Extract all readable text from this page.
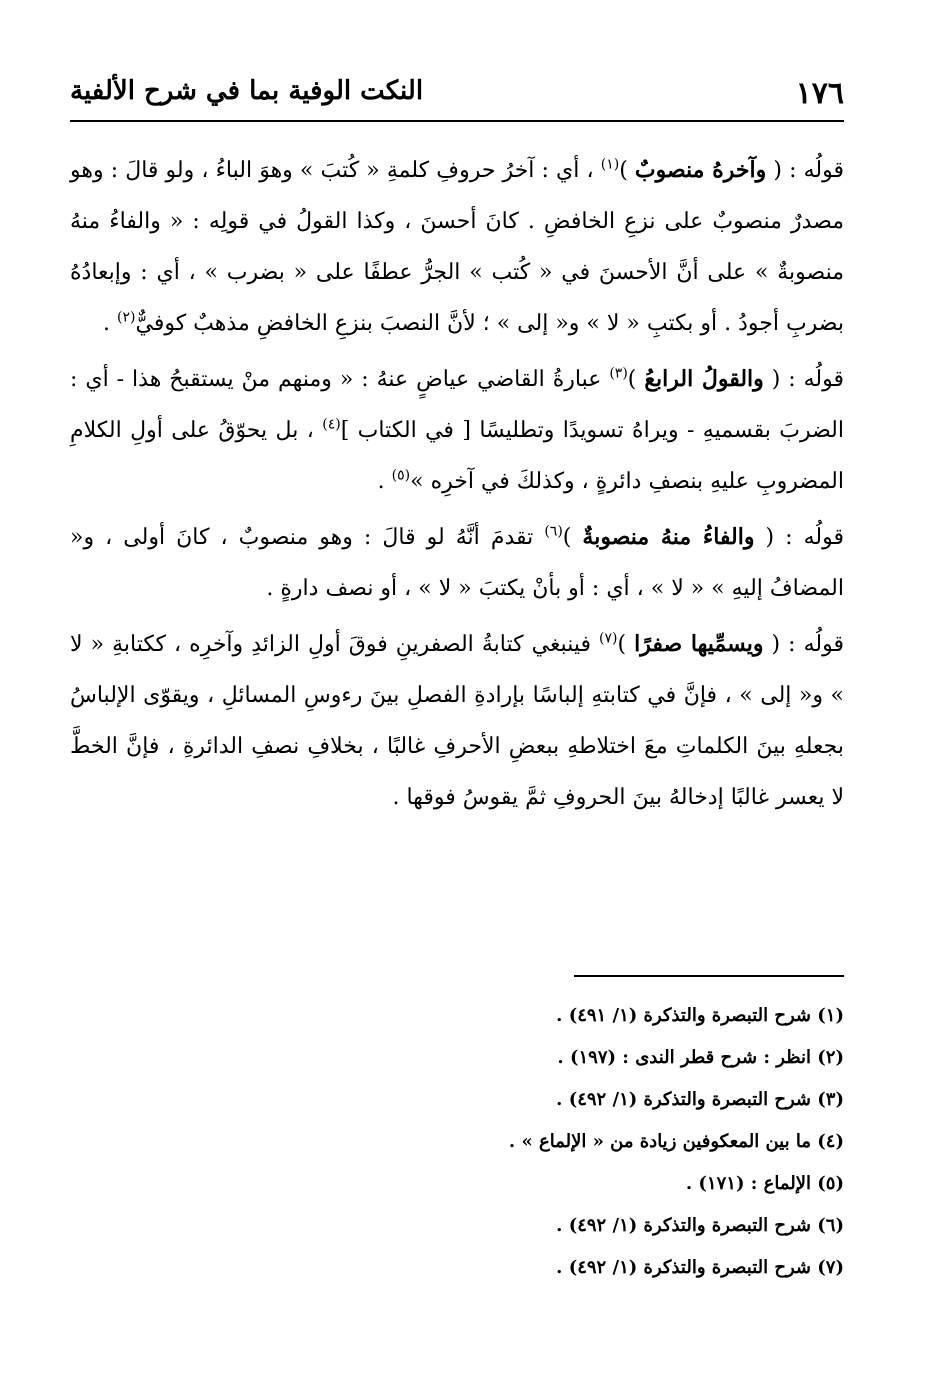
١٧٦
النكت الوفية بما في شرح الألفية

قولُه : ( وآخرهُ منصوبٌ )$^{(١)}$ ، أي : آخرُ حروفِ كلمةِ « كُتبَ » وهوَ الباءُ ، ولو قالَ : وهو مصدرٌ منصوبٌ على نزعِ الخافضِ . كانَ أحسنَ ، وكذا القولُ في قولِه : « والفاءُ منهُ منصوبةٌ » على أنَّ الأحسنَ في « كُتب » الجرُّ عطفًا على « بضرب » ، أي : وإبعادُهُ بضربِ أجودُ . أو بكتبِ « لا » و« إلى » ؛ لأنَّ النصبَ بنزعِ الخافضِ مذهبٌ كوفيٌّ$^{(٢)}$ .

قولُه : ( والقولُ الرابعُ )$^{(٣)}$ عبارةُ القاضي عياضٍ عنهُ : « ومنهم منْ يستقبحُ هذا - أي : الضربَ بقسميهِ - ويراهُ تسويدًا وتطليسًا [ في الكتاب ]$^{(٤)}$ ، بل يحوّقُ على أولِ الكلامِ المضروبِ عليهِ بنصفِ دائرةٍ ، وكذلكَ في آخرِه »$^{(٥)}$ .

قولُه : ( والفاءُ منهُ منصوبةٌ )$^{(٦)}$ تقدمَ أنَّهُ لو قالَ : وهو منصوبٌ ، كانَ أولى ، و« المضافُ إليهِ » « لا » ، أي : أو بأنْ يكتبَ « لا » ، أو نصف دارةٍ .

قولُه : ( ويسمِّيها صفرًا )$^{(٧)}$ فينبغي كتابةُ الصفرينِ فوقَ أولِ الزائدِ وآخرِه ، ككتابةِ « لا » و« إلى » ، فإنَّ في كتابتهِ إلباسًا بإرادةِ الفصلِ بينَ رءوسِ المسائلِ ، ويقوّى الإلباسُ بجعلهِ بينَ الكلماتِ معَ اختلاطهِ ببعضِ الأحرفِ غالبًا ، بخلافِ نصفِ الدائرةِ ، فإنَّ الخطَّ لا يعسر غالبًا إدخالهُ بينَ الحروفِ ثمَّ يقوسُ فوقها .

(١) شرح التبصرة والتذكرة (١/ ٤٩١) .
(٢) انظر : شرح قطر الندى : (١٩٧) .
(٣) شرح التبصرة والتذكرة (١/ ٤٩٢) .
(٤) ما بين المعكوفين زيادة من « الإلماع » .
(٥) الإلماع : (١٧١) .
(٦) شرح التبصرة والتذكرة (١/ ٤٩٢) .
(٧) شرح التبصرة والتذكرة (١/ ٤٩٢) .
